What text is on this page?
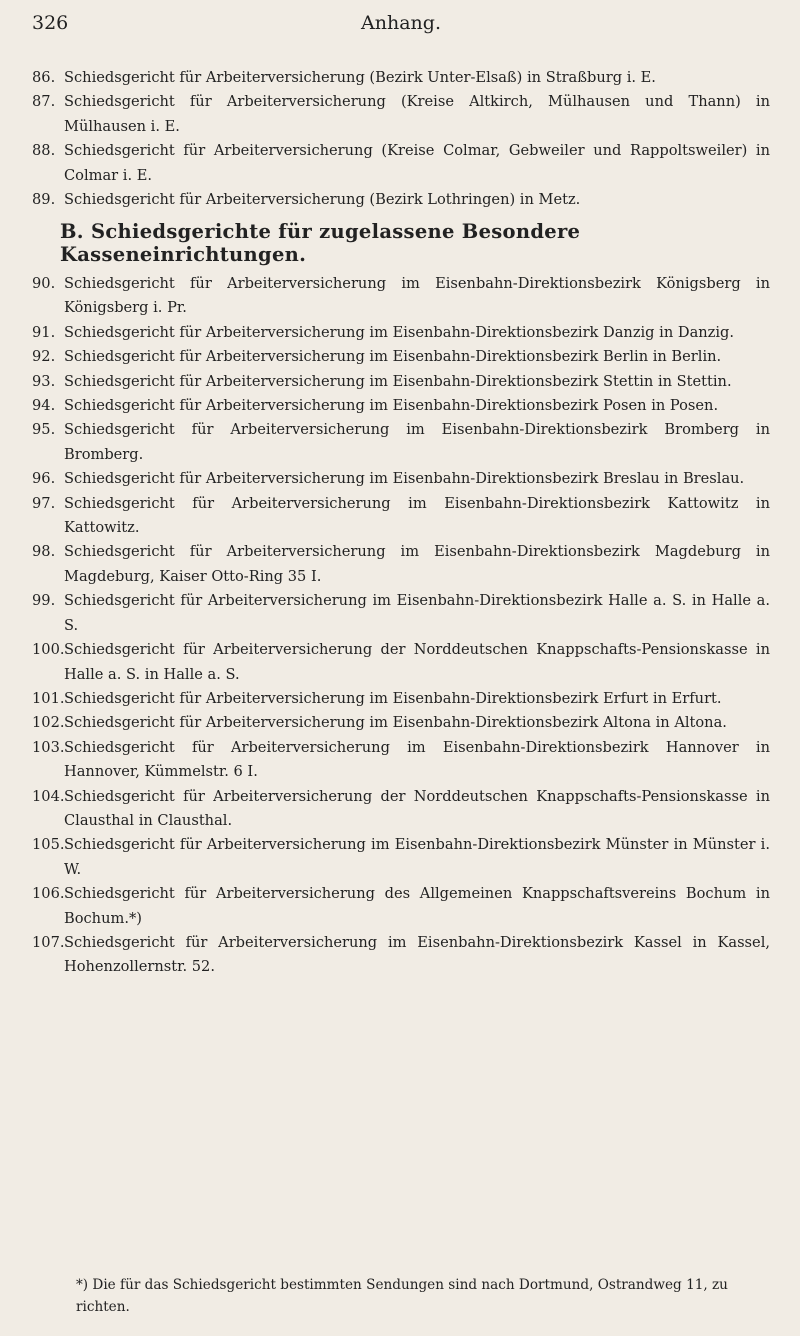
326	Anhang.
86. Schiedsgericht für Arbeiterversicherung (Bezirk Unter-Elsaß) in Straßburg i. E.
87. Schiedsgericht für Arbeiterversicherung (Kreise Altkirch, Mülhausen und Thann) in Mülhausen i. E.
88. Schiedsgericht für Arbeiterversicherung (Kreise Colmar, Gebweiler und Rappoltsweiler) in Colmar i. E.
89. Schiedsgericht für Arbeiterversicherung (Bezirk Lothringen) in Metz.
B. Schiedsgerichte für zugelassene Besondere Kasseneinrichtungen.
90. Schiedsgericht für Arbeiterversicherung im Eisenbahn-Direktionsbezirk Königsberg in Königsberg i. Pr.
91. Schiedsgericht für Arbeiterversicherung im Eisenbahn-Direktionsbezirk Danzig in Danzig.
92. Schiedsgericht für Arbeiterversicherung im Eisenbahn-Direktionsbezirk Berlin in Berlin.
93. Schiedsgericht für Arbeiterversicherung im Eisenbahn-Direktionsbezirk Stettin in Stettin.
94. Schiedsgericht für Arbeiterversicherung im Eisenbahn-Direktionsbezirk Posen in Posen.
95. Schiedsgericht für Arbeiterversicherung im Eisenbahn-Direktionsbezirk Bromberg in Bromberg.
96. Schiedsgericht für Arbeiterversicherung im Eisenbahn-Direktionsbezirk Breslau in Breslau.
97. Schiedsgericht für Arbeiterversicherung im Eisenbahn-Direktionsbezirk Kattowitz in Kattowitz.
98. Schiedsgericht für Arbeiterversicherung im Eisenbahn-Direktionsbezirk Magdeburg in Magdeburg, Kaiser Otto-Ring 35 I.
99. Schiedsgericht für Arbeiterversicherung im Eisenbahn-Direktionsbezirk Halle a. S. in Halle a. S.
100. Schiedsgericht für Arbeiterversicherung der Norddeutschen Knappschafts-Pensionskasse in Halle a. S. in Halle a. S.
101. Schiedsgericht für Arbeiterversicherung im Eisenbahn-Direktionsbezirk Erfurt in Erfurt.
102. Schiedsgericht für Arbeiterversicherung im Eisenbahn-Direktionsbezirk Altona in Altona.
103. Schiedsgericht für Arbeiterversicherung im Eisenbahn-Direktionsbezirk Hannover in Hannover, Kümmelstr. 6 I.
104. Schiedsgericht für Arbeiterversicherung der Norddeutschen Knappschafts-Pensionskasse in Clausthal in Clausthal.
105. Schiedsgericht für Arbeiterversicherung im Eisenbahn-Direktionsbezirk Münster in Münster i. W.
106. Schiedsgericht für Arbeiterversicherung des Allgemeinen Knappschaftsvereins Bochum in Bochum.*)
107. Schiedsgericht für Arbeiterversicherung im Eisenbahn-Direktionsbezirk Kassel in Kassel, Hohenzollernstr. 52.
*) Die für das Schiedsgericht bestimmten Sendungen sind nach Dortmund, Ostrandweg 11, zu richten.
